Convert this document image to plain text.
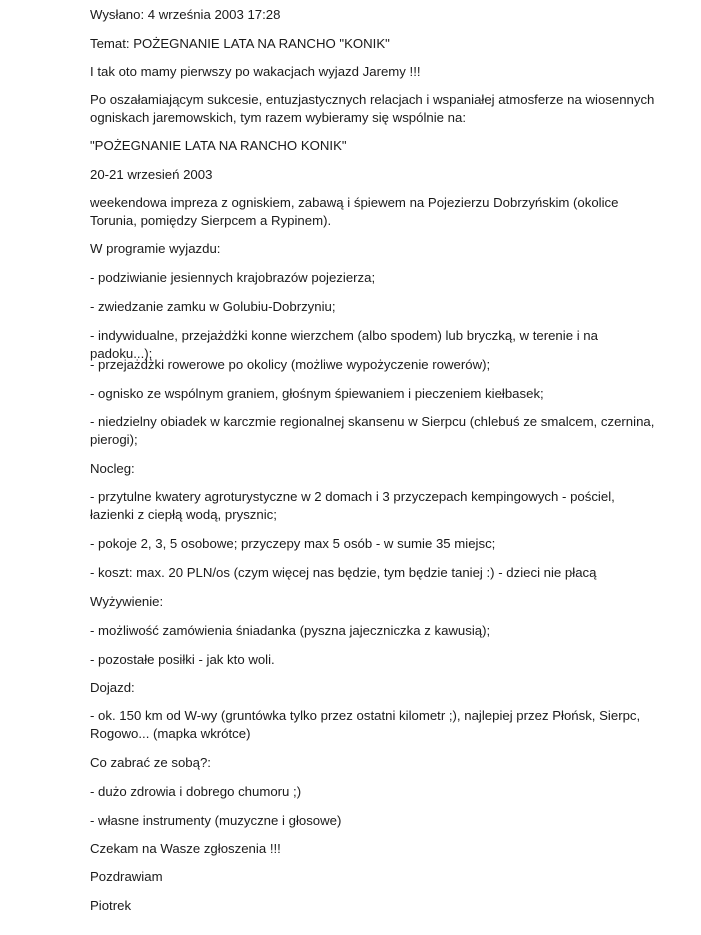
Wysłano: 4 września 2003 17:28

Temat: POŻEGNANIE LATA NA RANCHO "KONIK"

I tak oto mamy pierwszy po wakacjach wyjazd Jaremy !!!

Po oszałamiającym sukcesie, entuzjastycznych relacjach i wspaniałej atmosferze na wiosennych ogniskach jaremowskich, tym razem wybieramy się wspólnie na:

"POŻEGNANIE LATA NA RANCHO KONIK"

20-21 wrzesień 2003

weekendowa impreza z ogniskiem, zabawą i śpiewem na Pojezierzu Dobrzyńskim (okolice Torunia, pomiędzy Sierpcem a Rypinem).

W programie wyjazdu:

- podziwianie jesiennych krajobrazów pojezierza;

- zwiedzanie zamku w Golubiu-Dobrzyniu;

- indywidualne, przejażdżki konne wierzchem (albo spodem) lub bryczką, w terenie i na padoku...);

- przejażdżki rowerowe po okolicy (możliwe wypożyczenie rowerów);

- ognisko ze wspólnym graniem, głośnym śpiewaniem i pieczeniem kiełbasek;

- niedzielny obiadek w karczmie regionalnej skansenu w Sierpcu (chlebuś ze smalcem, czernina, pierogi);

Nocleg:

- przytulne kwatery agroturystyczne w 2 domach i 3 przyczepach kempingowych - pościel, łazienki z ciepłą wodą, prysznic;

- pokoje 2, 3, 5 osobowe; przyczepy max 5 osób - w sumie 35 miejsc;

- koszt: max. 20 PLN/os (czym więcej nas będzie, tym będzie taniej :) - dzieci nie płacą

Wyżywienie:

- możliwość zamówienia śniadanka (pyszna jajeczniczka z kawusią);

- pozostałe posiłki - jak kto woli.

Dojazd:

- ok. 150 km od W-wy (gruntówka tylko przez ostatni kilometr ;), najlepiej przez Płońsk, Sierpc, Rogowo... (mapka wkrótce)

Co zabrać ze sobą?:

- dużo zdrowia i dobrego chumoru ;)

- własne instrumenty (muzyczne i głosowe)

Czekam na Wasze zgłoszenia !!!

Pozdrawiam

Piotrek
